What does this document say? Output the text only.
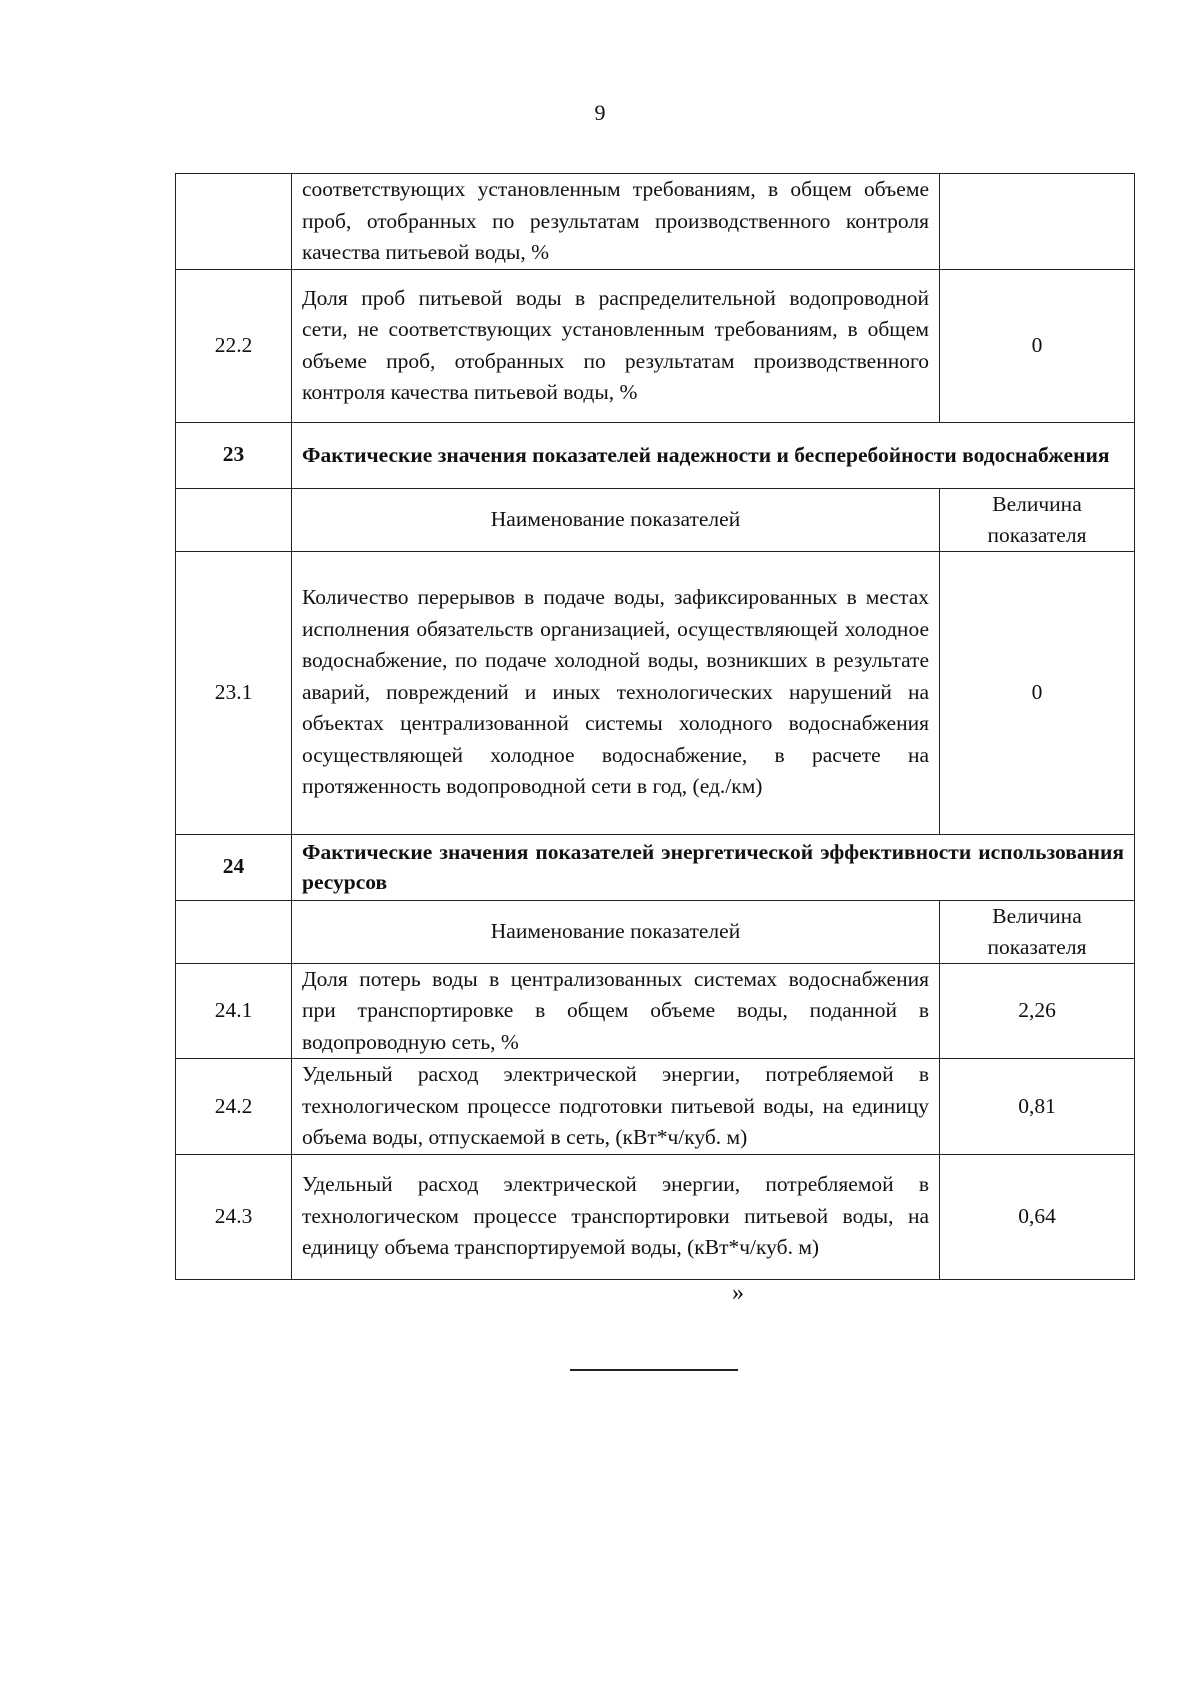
9
	соответствующих установленным требованиям, в общем объеме проб, отобранных по результатам производственного контроля качества питьевой воды, %	
22.2	Доля проб питьевой воды в распределительной водопроводной сети, не соответствующих установленным требованиям, в общем объеме проб, отобранных по результатам производственного контроля качества питьевой воды, %	0
23	Фактические значения показателей надежности и бесперебойности водоснабжения	
	Наименование показателей	Величина показателя
23.1	Количество перерывов в подаче воды, зафиксированных в местах исполнения обязательств организацией, осуществляющей холодное водоснабжение, по подаче холодной воды, возникших в результате аварий, повреждений и иных технологических нарушений на объектах централизованной системы холодного водоснабжения осуществляющей холодное водоснабжение, в расчете на протяженность водопроводной сети в год, (ед./км)	0
24	Фактические значения показателей энергетической эффективности использования ресурсов	
	Наименование показателей	Величина показателя
24.1	Доля потерь воды в централизованных системах водоснабжения при транспортировке в общем объеме воды, поданной в водопроводную сеть, %	2,26
24.2	Удельный расход электрической энергии, потребляемой в технологическом процессе подготовки питьевой воды, на единицу объема воды, отпускаемой в сеть, (кВт*ч/куб. м)	0,81
24.3	Удельный расход электрической энергии, потребляемой в технологическом процессе транспортировки питьевой воды, на единицу объема транспортируемой воды, (кВт*ч/куб. м)	0,64
»
